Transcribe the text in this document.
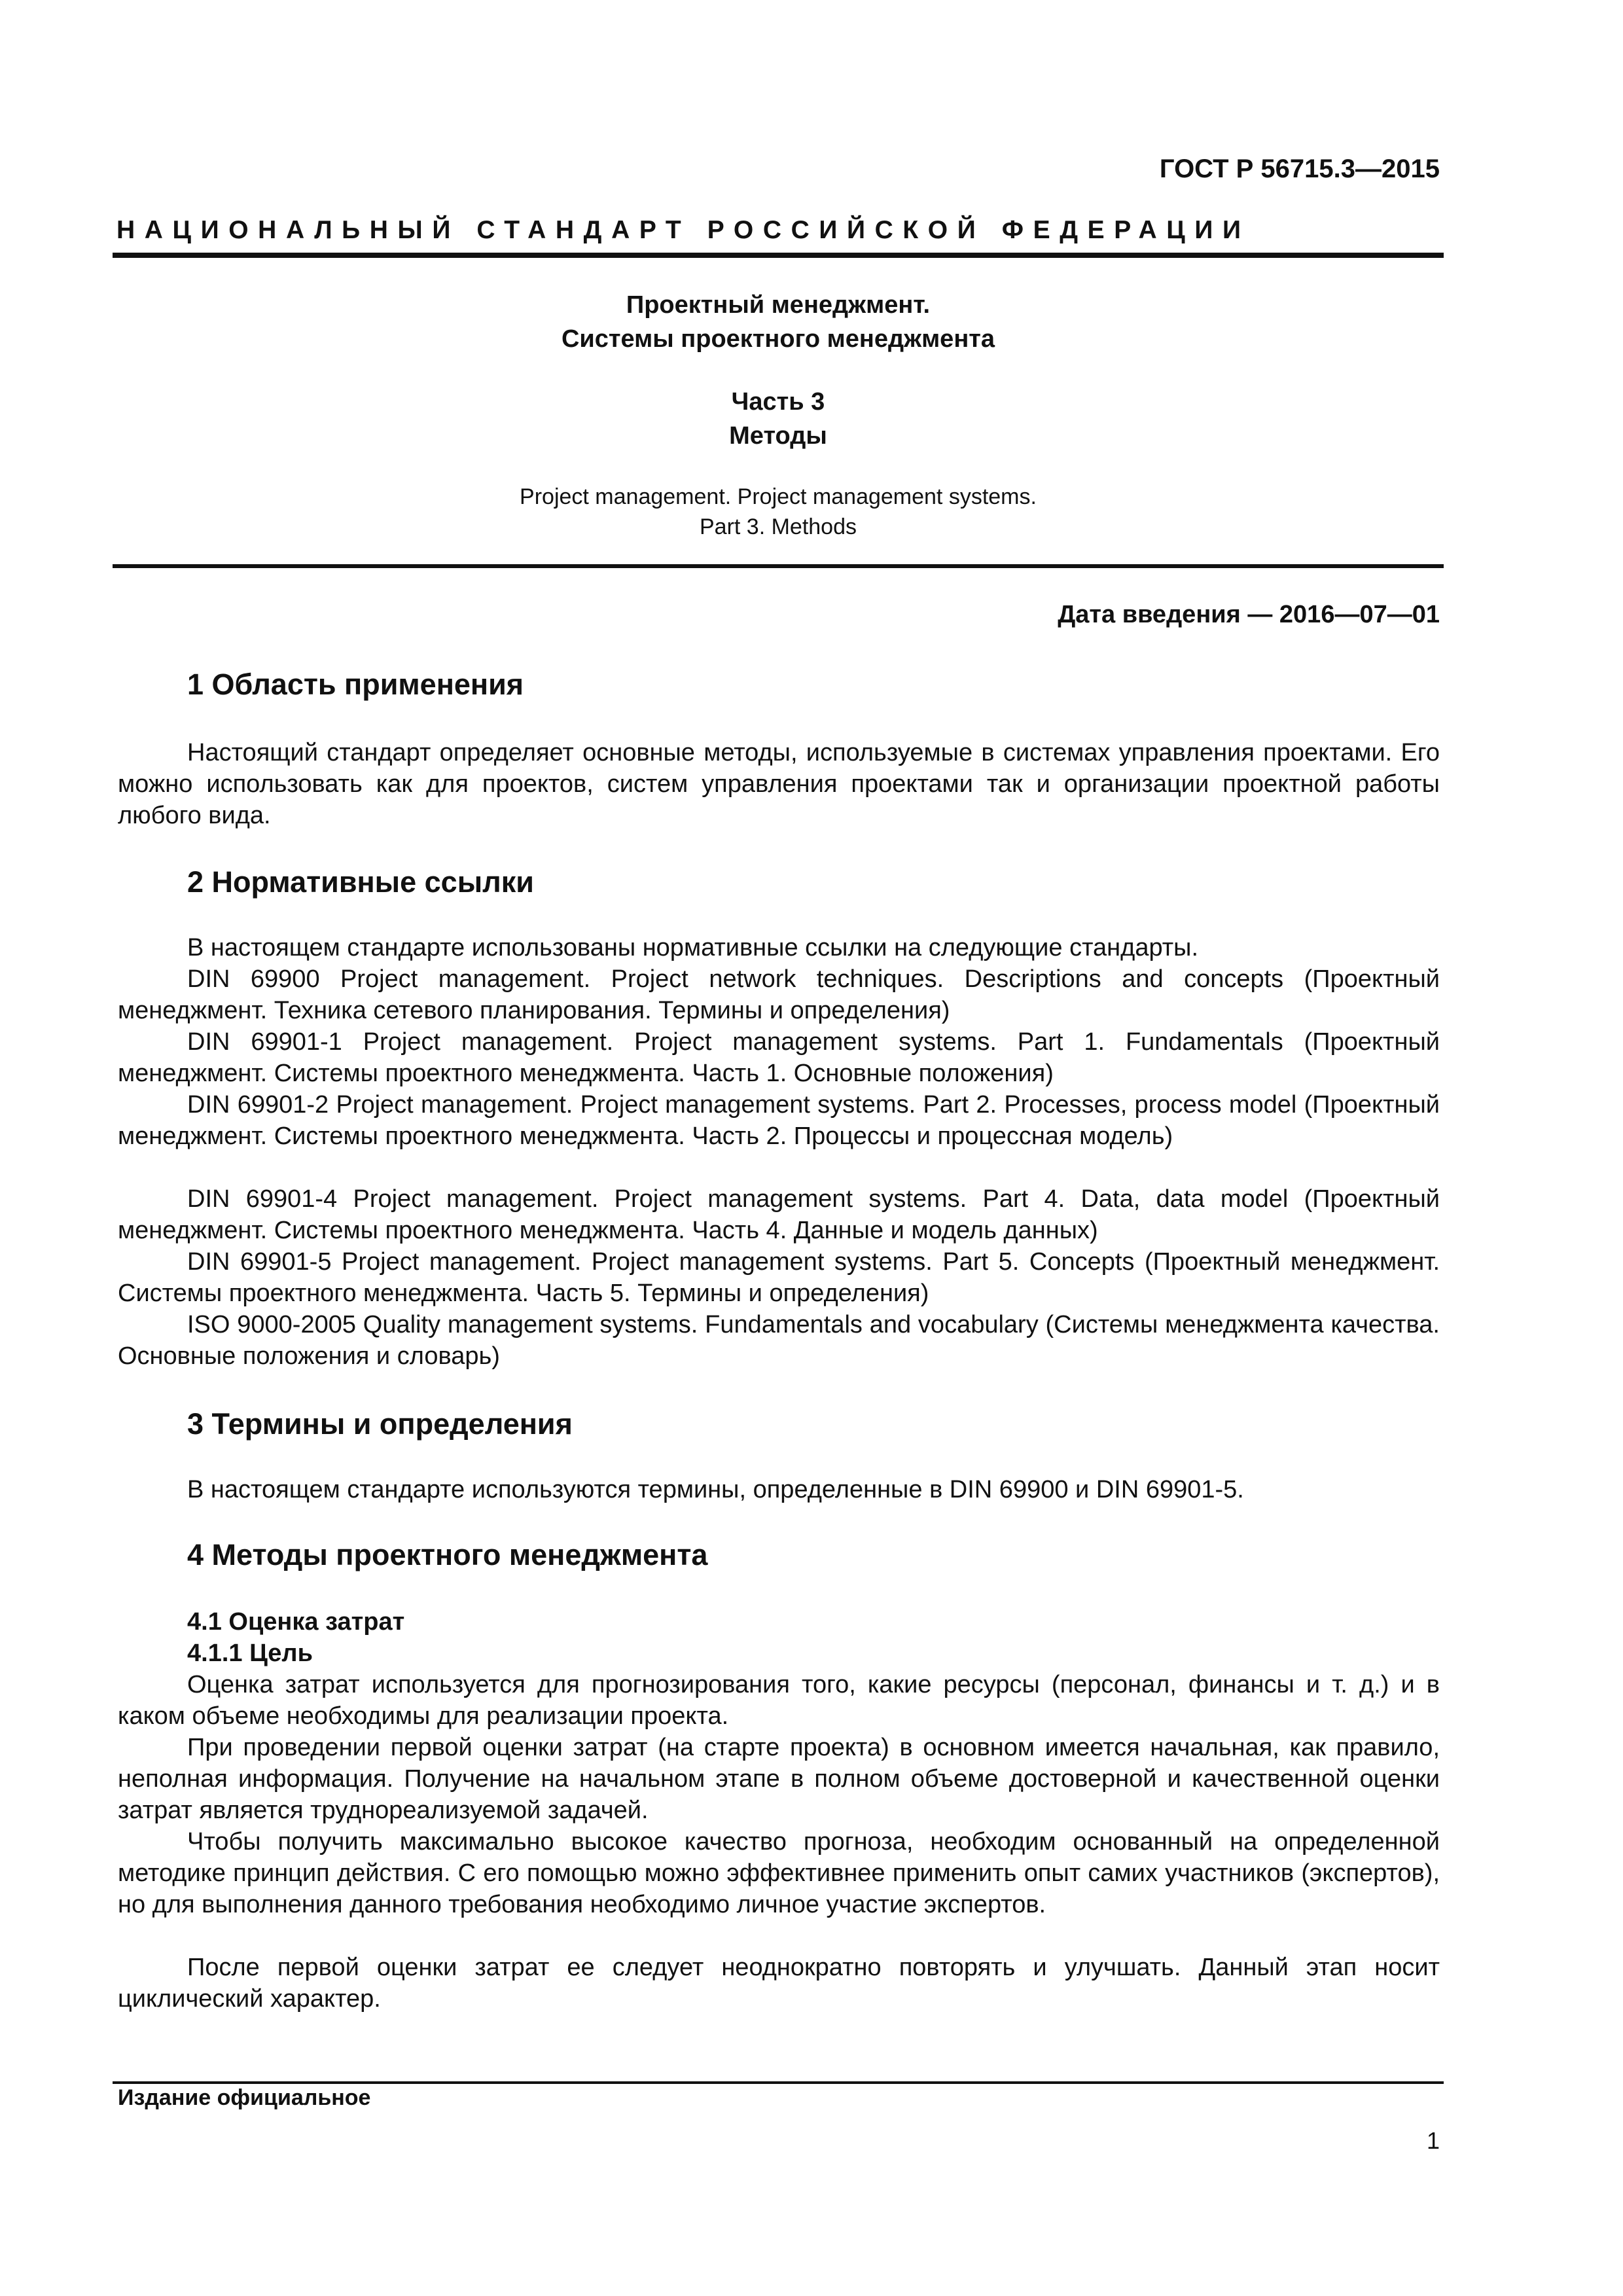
ГОСТ Р 56715.3—2015
НАЦИОНАЛЬНЫЙ СТАНДАРТ РОССИЙСКОЙ ФЕДЕРАЦИИ
Проектный менеджмент.
Системы проектного менеджмента
Часть 3
Методы
Project management. Project management systems.
Part 3. Methods
Дата введения — 2016—07—01
1 Область применения

Настоящий стандарт определяет основные методы, используемые в системах управления проектами. Его можно использовать как для проектов, систем управления проектами так и организации проектной работы любого вида.

2 Нормативные ссылки

В настоящем стандарте использованы нормативные ссылки на следующие стандарты.

DIN 69900 Project management. Project network techniques. Descriptions and concepts (Проектный менеджмент. Техника сетевого планирования. Термины и определения)

DIN 69901-1 Project management. Project management systems. Part 1. Fundamentals (Проектный менеджмент. Системы проектного менеджмента. Часть 1. Основные положения)

DIN 69901-2 Project management. Project management systems. Part 2. Processes, process model (Проектный менеджмент. Системы проектного менеджмента. Часть 2. Процессы и процессная модель)

DIN 69901-4 Project management. Project management systems. Part 4. Data, data model (Проектный менеджмент. Системы проектного менеджмента. Часть 4. Данные и модель данных)

DIN 69901-5 Project management. Project management systems. Part 5. Concepts (Проектный менеджмент. Системы проектного менеджмента. Часть 5. Термины и определения)

ISO 9000-2005 Quality management systems. Fundamentals and vocabulary (Системы менеджмента качества. Основные положения и словарь)

3 Термины и определения

В настоящем стандарте используются термины, определенные в DIN 69900 и DIN 69901-5.

4 Методы проектного менеджмента
4.1 Оценка затрат
4.1.1 Цель

Оценка затрат используется для прогнозирования того, какие ресурсы (персонал, финансы и т. д.) и в каком объеме необходимы для реализации проекта.

При проведении первой оценки затрат (на старте проекта) в основном имеется начальная, как правило, неполная информация. Получение на начальном этапе в полном объеме достоверной и качественной оценки затрат является труднореализуемой задачей.

Чтобы получить максимально высокое качество прогноза, необходим основанный на определенной методике принцип действия. С его помощью можно эффективнее применить опыт самих участников (экспертов), но для выполнения данного требования необходимо личное участие экспертов.

После первой оценки затрат ее следует неоднократно повторять и улучшать. Данный этап носит циклический характер.

Издание официальное
1
